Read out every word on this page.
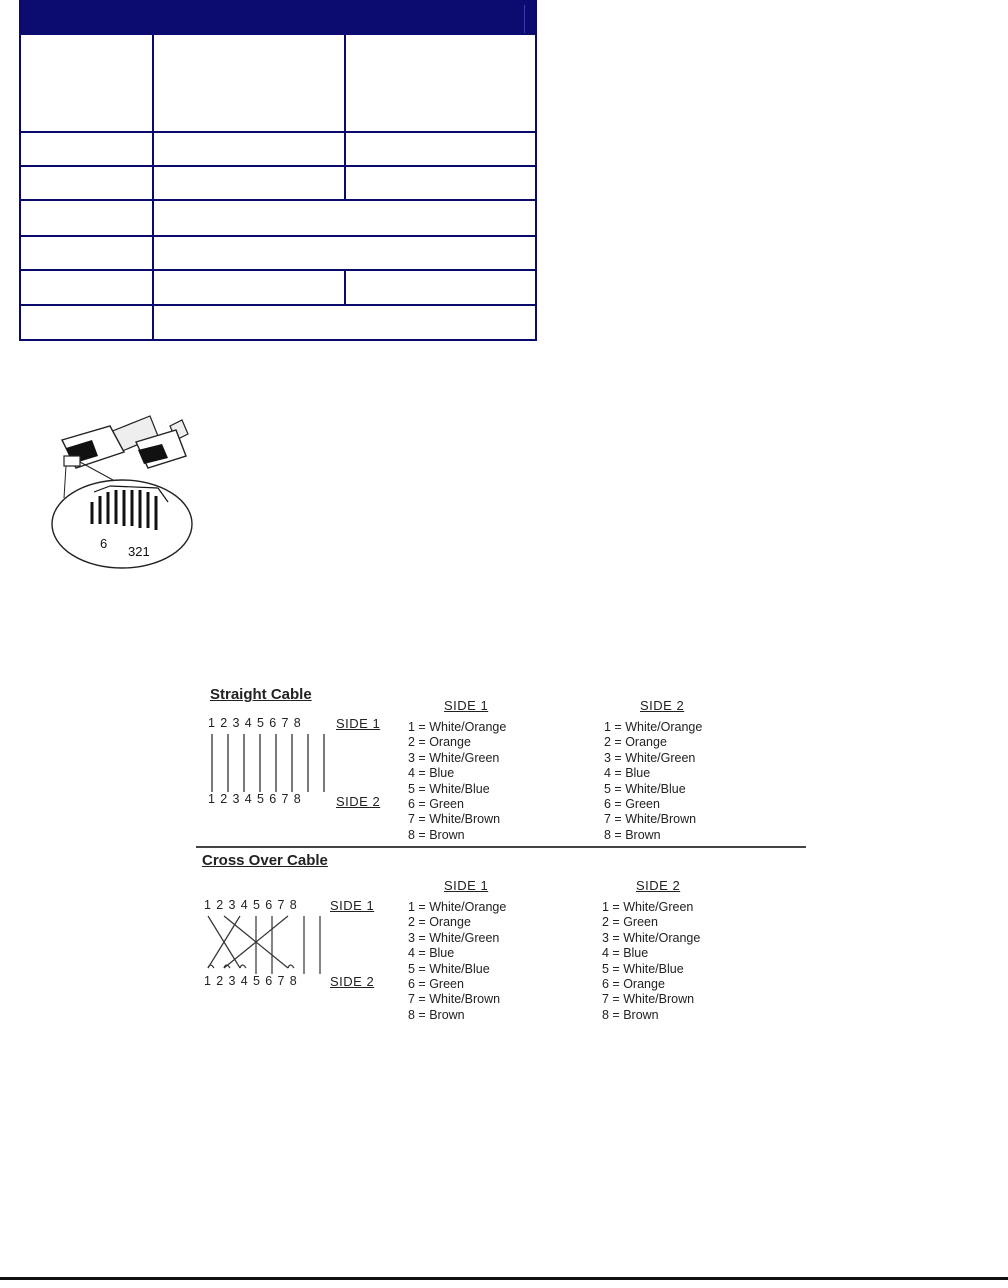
6
321
Straight Cable
SIDE 1	SIDE 2
12345678 SIDE 1
12345678 SIDE 2
1 = White/Orange
2 = Orange
3 = White/Green
4 = Blue
5 = White/Blue
6 = Green
7 = White/Brown
8 = Brown
1 = White/Orange
2 = Orange
3 = White/Green
4 = Blue
5 = White/Blue
6 = Green
7 = White/Brown
8 = Brown
Cross Over Cable
SIDE 1	SIDE 2
12345678 SIDE 1
12345678 SIDE 2
1 = White/Orange
2 = Orange
3 = White/Green
4 = Blue
5 = White/Blue
6 = Green
7 = White/Brown
8 = Brown
1 = White/Green
2 = Green
3 = White/Orange
4 = Blue
5 = White/Blue
6 = Orange
7 = White/Brown
8 = Brown
